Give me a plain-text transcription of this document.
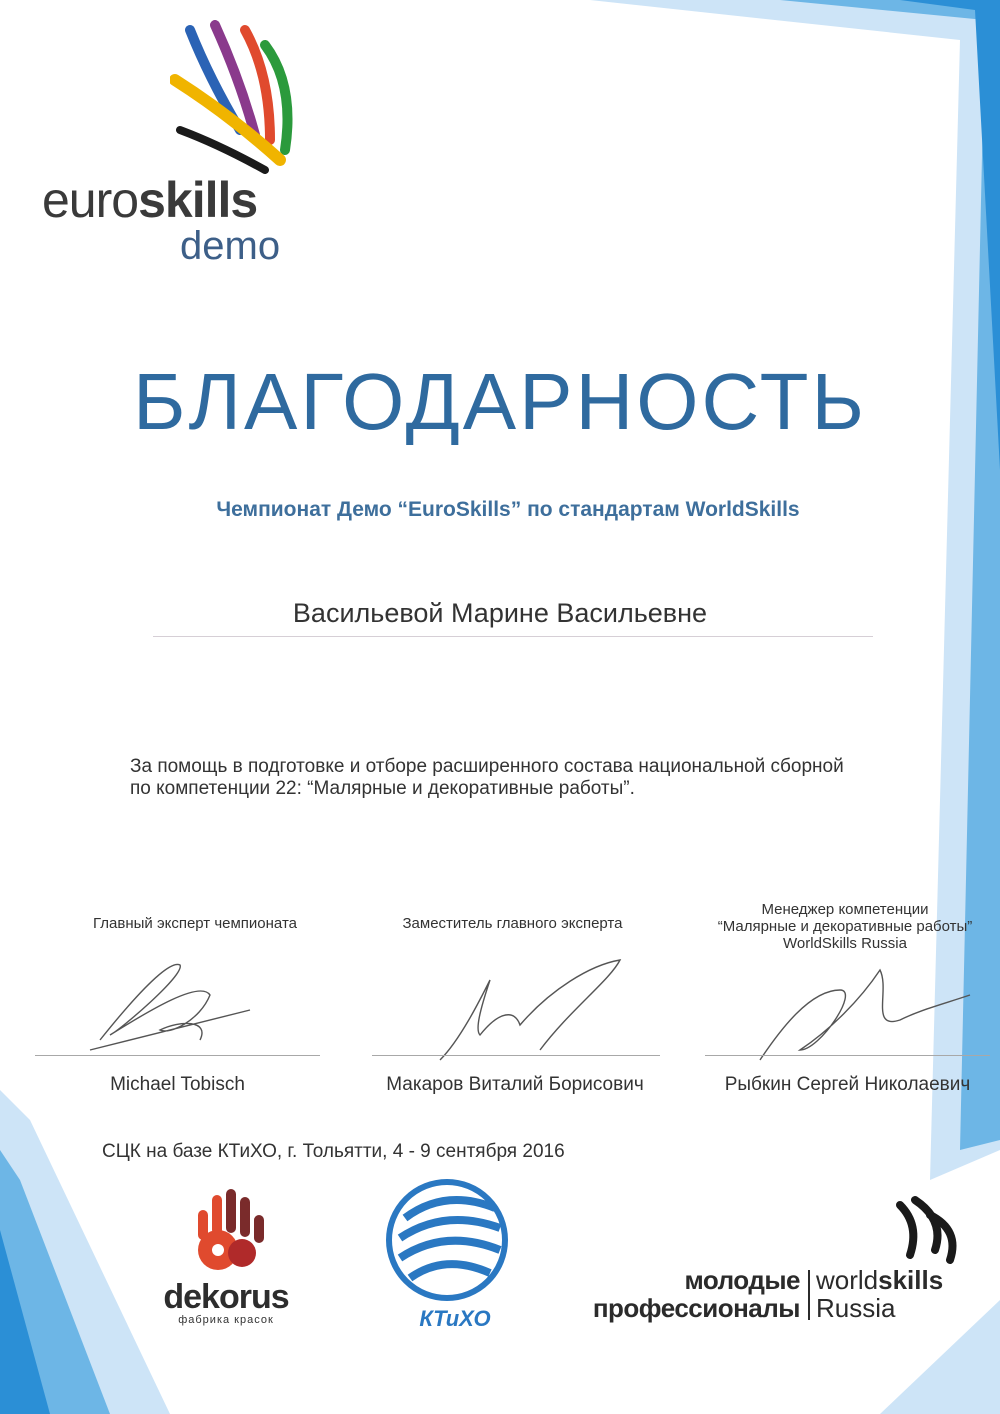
euroskills
demo
БЛАГОДАРНОСТЬ
Чемпионат Демо “EuroSkills” по стандартам WorldSkills
Васильевой Марине Васильевне
За помощь в подготовке и отборе расширенного состава национальной сборной
по компетенции 22: “Малярные и декоративные работы”.
Главный эксперт чемпионата	Заместитель главного эксперта
Менеджер компетенции
“Малярные и декоративные работы”
WorldSkills Russia
Michael Tobisch	Макаров Виталий Борисович	Рыбкин Сергей Николаевич
СЦК на базе КТиХО, г. Тольятти, 4 - 9 сентября 2016
dekorus
фабрика красок	КТиХО
молодые
профессионалы
worldskills
Russia
